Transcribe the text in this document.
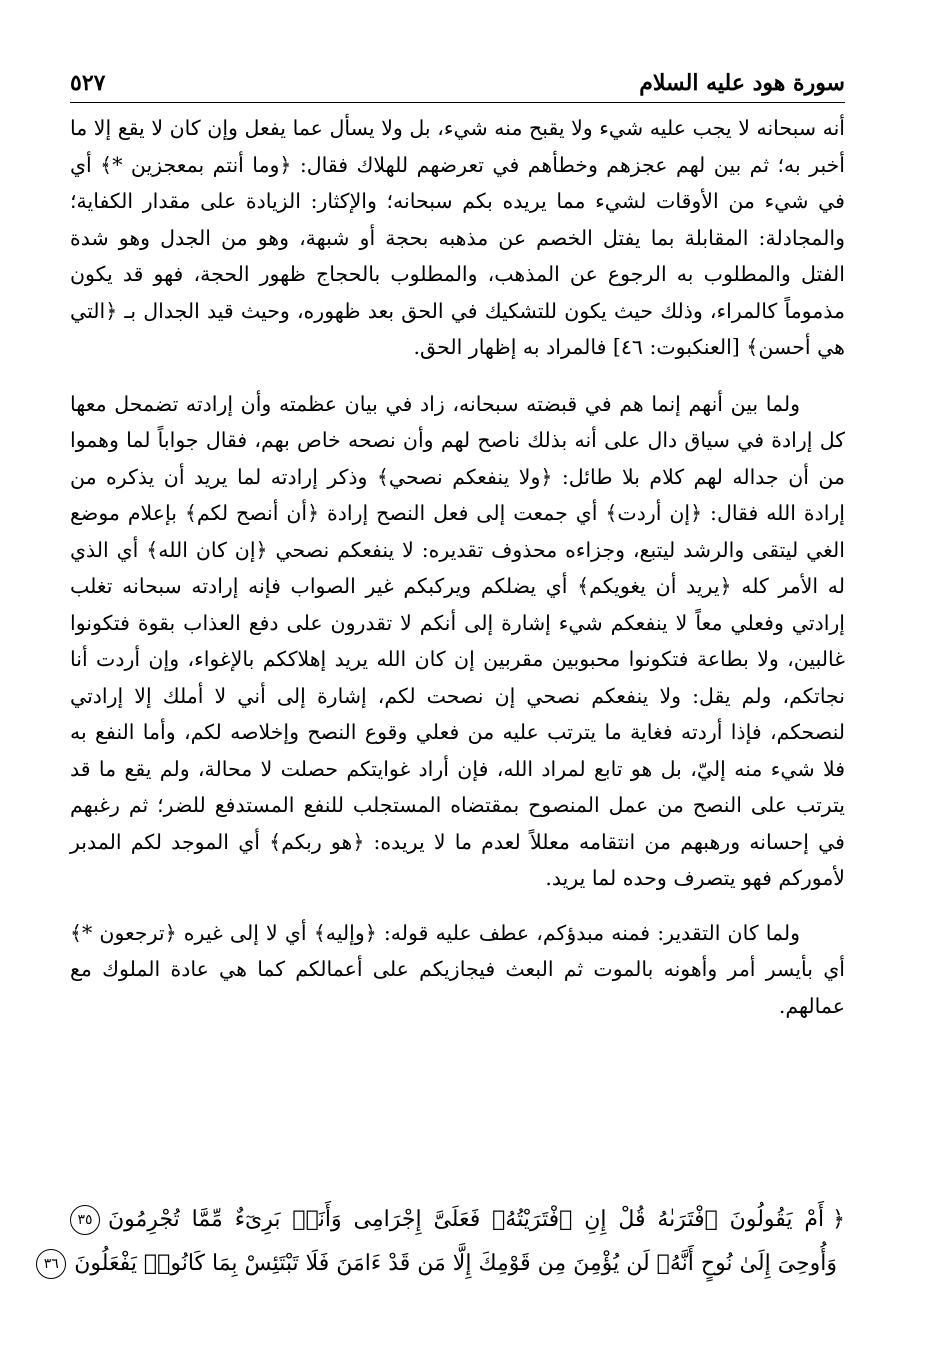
سورة هود عليه السلام
٥٢٧

أنه سبحانه لا يجب عليه شيء ولا يقبح منه شيء، بل ولا يسأل عما يفعل وإن كان لا يقع إلا ما أخبر به؛ ثم بين لهم عجزهم وخطأهم في تعرضهم للهلاك فقال: ﴿وما أنتم بمعجزين *﴾ أي في شيء من الأوقات لشيء مما يريده بكم سبحانه؛ والإكثار: الزيادة على مقدار الكفاية؛ والمجادلة: المقابلة بما يفتل الخصم عن مذهبه بحجة أو شبهة، وهو من الجدل وهو شدة الفتل والمطلوب به الرجوع عن المذهب، والمطلوب بالحجاج ظهور الحجة، فهو قد يكون مذموماً كالمراء، وذلك حيث يكون للتشكيك في الحق بعد ظهوره، وحيث قيد الجدال بـ ﴿التي هي أحسن﴾ [العنكبوت: ٤٦] فالمراد به إظهار الحق.

ولما بين أنهم إنما هم في قبضته سبحانه، زاد في بيان عظمته وأن إرادته تضمحل معها كل إرادة في سياق دال على أنه بذلك ناصح لهم وأن نصحه خاص بهم، فقال جواباً لما وهموا من أن جداله لهم كلام بلا طائل: ﴿ولا ينفعكم نصحي﴾ وذكر إرادته لما يريد أن يذكره من إرادة الله فقال: ﴿إن أردت﴾ أي جمعت إلى فعل النصح إرادة ﴿أن أنصح لكم﴾ بإعلام موضع الغي ليتقى والرشد ليتبع، وجزاءه محذوف تقديره: لا ينفعكم نصحي ﴿إن كان الله﴾ أي الذي له الأمر كله ﴿يريد أن يغويكم﴾ أي يضلكم ويركبكم غير الصواب فإنه إرادته سبحانه تغلب إرادتي وفعلي معاً لا ينفعكم شيء إشارة إلى أنكم لا تقدرون على دفع العذاب بقوة فتكونوا غالبين، ولا بطاعة فتكونوا محبوبين مقربين إن كان الله يريد إهلاككم بالإغواء، وإن أردت أنا نجاتكم، ولم يقل: ولا ينفعكم نصحي إن نصحت لكم، إشارة إلى أني لا أملك إلا إرادتي لنصحكم، فإذا أردته فغاية ما يترتب عليه من فعلي وقوع النصح وإخلاصه لكم، وأما النفع به فلا شيء منه إليّ، بل هو تابع لمراد الله، فإن أراد غوايتكم حصلت لا محالة، ولم يقع ما قد يترتب على النصح من عمل المنصوح بمقتضاه المستجلب للنفع المستدفع للضر؛ ثم رغبهم في إحسانه ورهبهم من انتقامه معللاً لعدم ما لا يريده: ﴿هو ربكم﴾ أي الموجد لكم المدبر لأموركم فهو يتصرف وحده لما يريد.

ولما كان التقدير: فمنه مبدؤكم، عطف عليه قوله: ﴿وإليه﴾ أي لا إلى غيره ﴿ترجعون *﴾ أي بأيسر أمر وأهونه بالموت ثم البعث فيجازيكم على أعمالكم كما هي عادة الملوك مع عمالهم.

﴿
أَمْ يَقُولُونَ ٱفْتَرَىٰهُ قُلْ إِنِ ٱفْتَرَيْتُهُۥ فَعَلَىَّ إِجْرَامِى وَأَنَا۠ بَرِىٓءٌ مِّمَّا تُجْرِمُونَ
٣٥
وَأُوحِىَ إِلَىٰ نُوحٍ أَنَّهُۥ لَن يُؤْمِنَ مِن قَوْمِكَ إِلَّا مَن قَدْ ءَامَنَ فَلَا تَبْتَئِسْ بِمَا كَانُوا۟ يَفْعَلُونَ
٣٦
